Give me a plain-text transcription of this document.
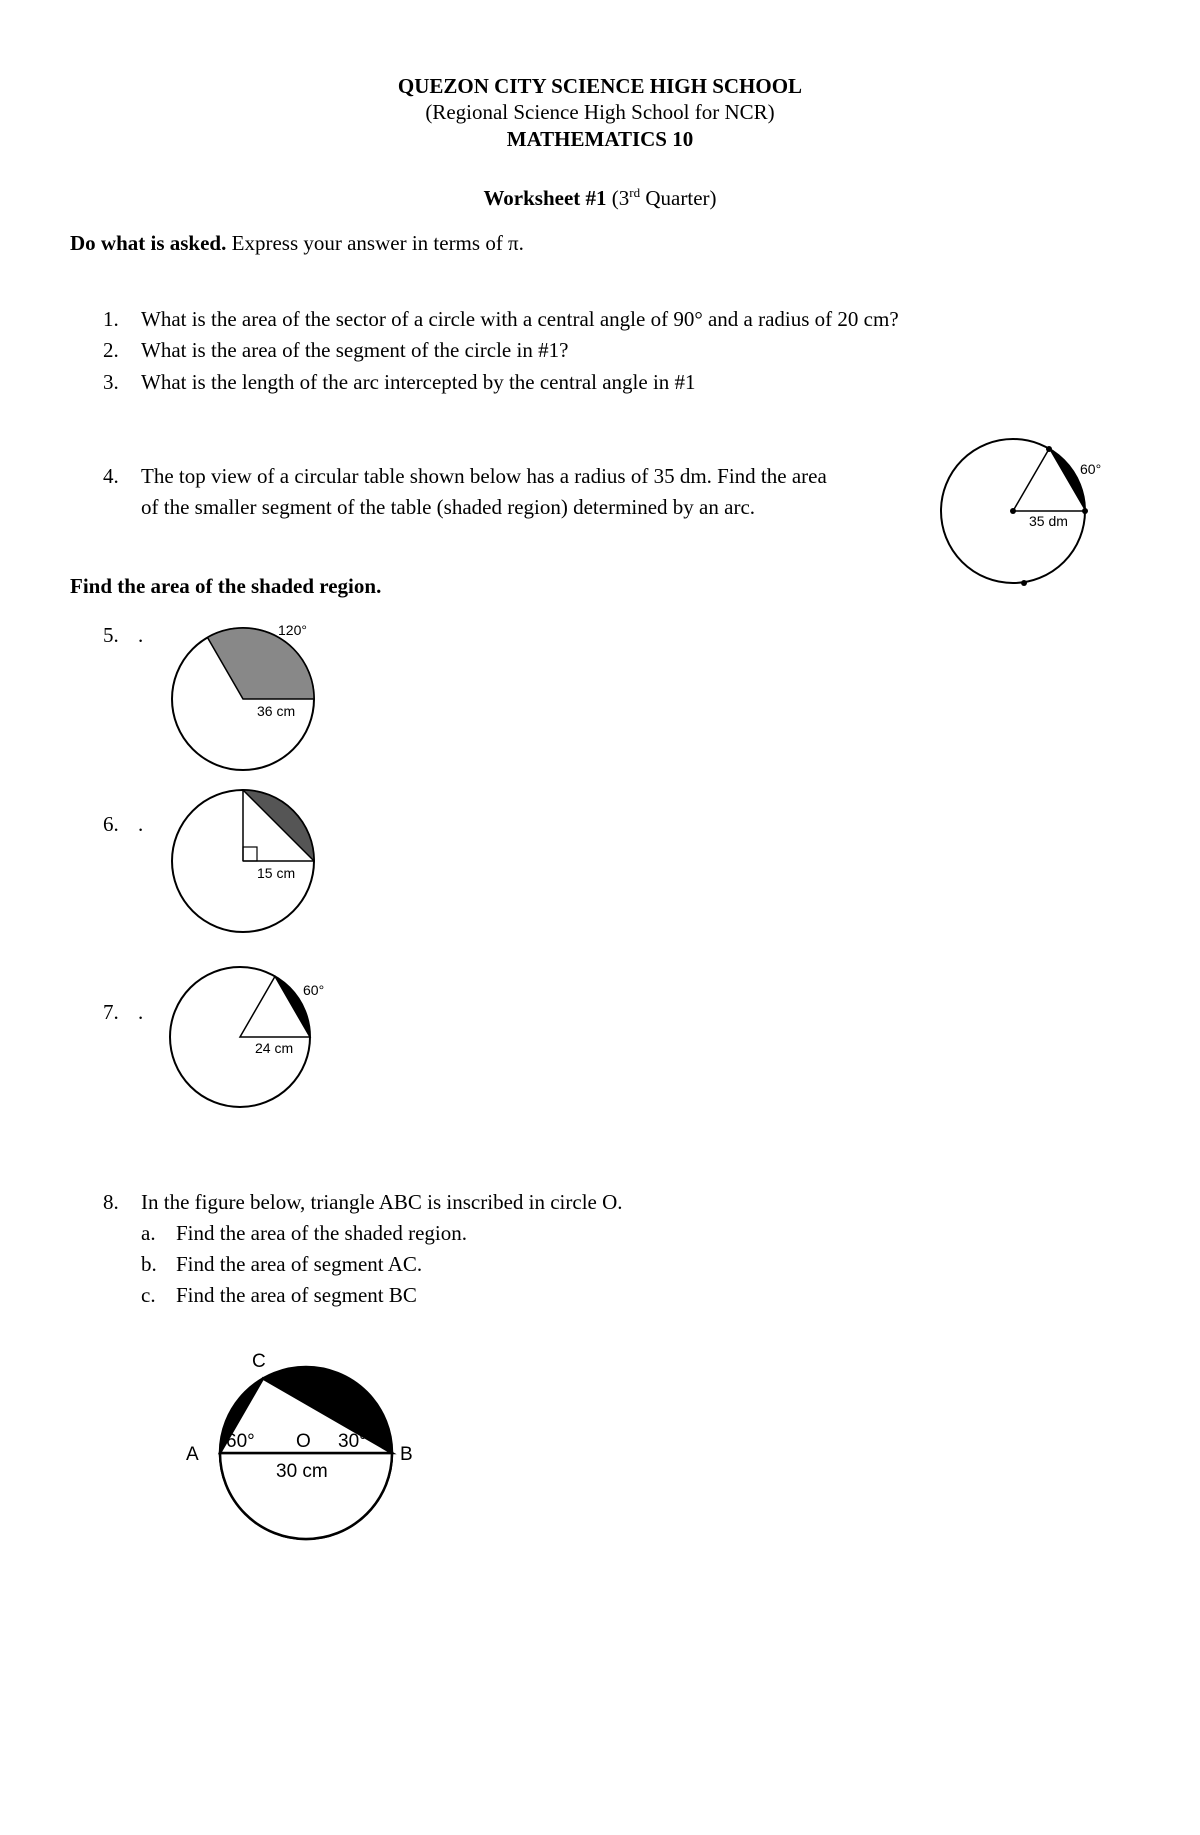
QUEZON CITY SCIENCE HIGH SCHOOL
(Regional Science High School for NCR)
MATHEMATICS 10
Worksheet #1 (3rd Quarter)
Do what is asked. Express your answer in terms of π.
1. What is the area of the sector of a circle with a central angle of 90° and a radius of 20 cm?
2. What is the area of the segment of the circle in #1?
3. What is the length of the arc intercepted by the central angle in #1
4. The top view of a circular table shown below has a radius of 35 dm. Find the area
of the smaller segment of the table (shaded region) determined by an arc.
60°
35 dm
Find the area of the shaded region.
5. .	120°
36 cm
6. .
15 cm
7. .
60°
24 cm
8. In the figure below, triangle ABC is inscribed in circle O.
a. Find the area of the shaded region.
b. Find the area of segment AC.
c. Find the area of segment BC
A	B
C
O
60°	30°
30 cm
